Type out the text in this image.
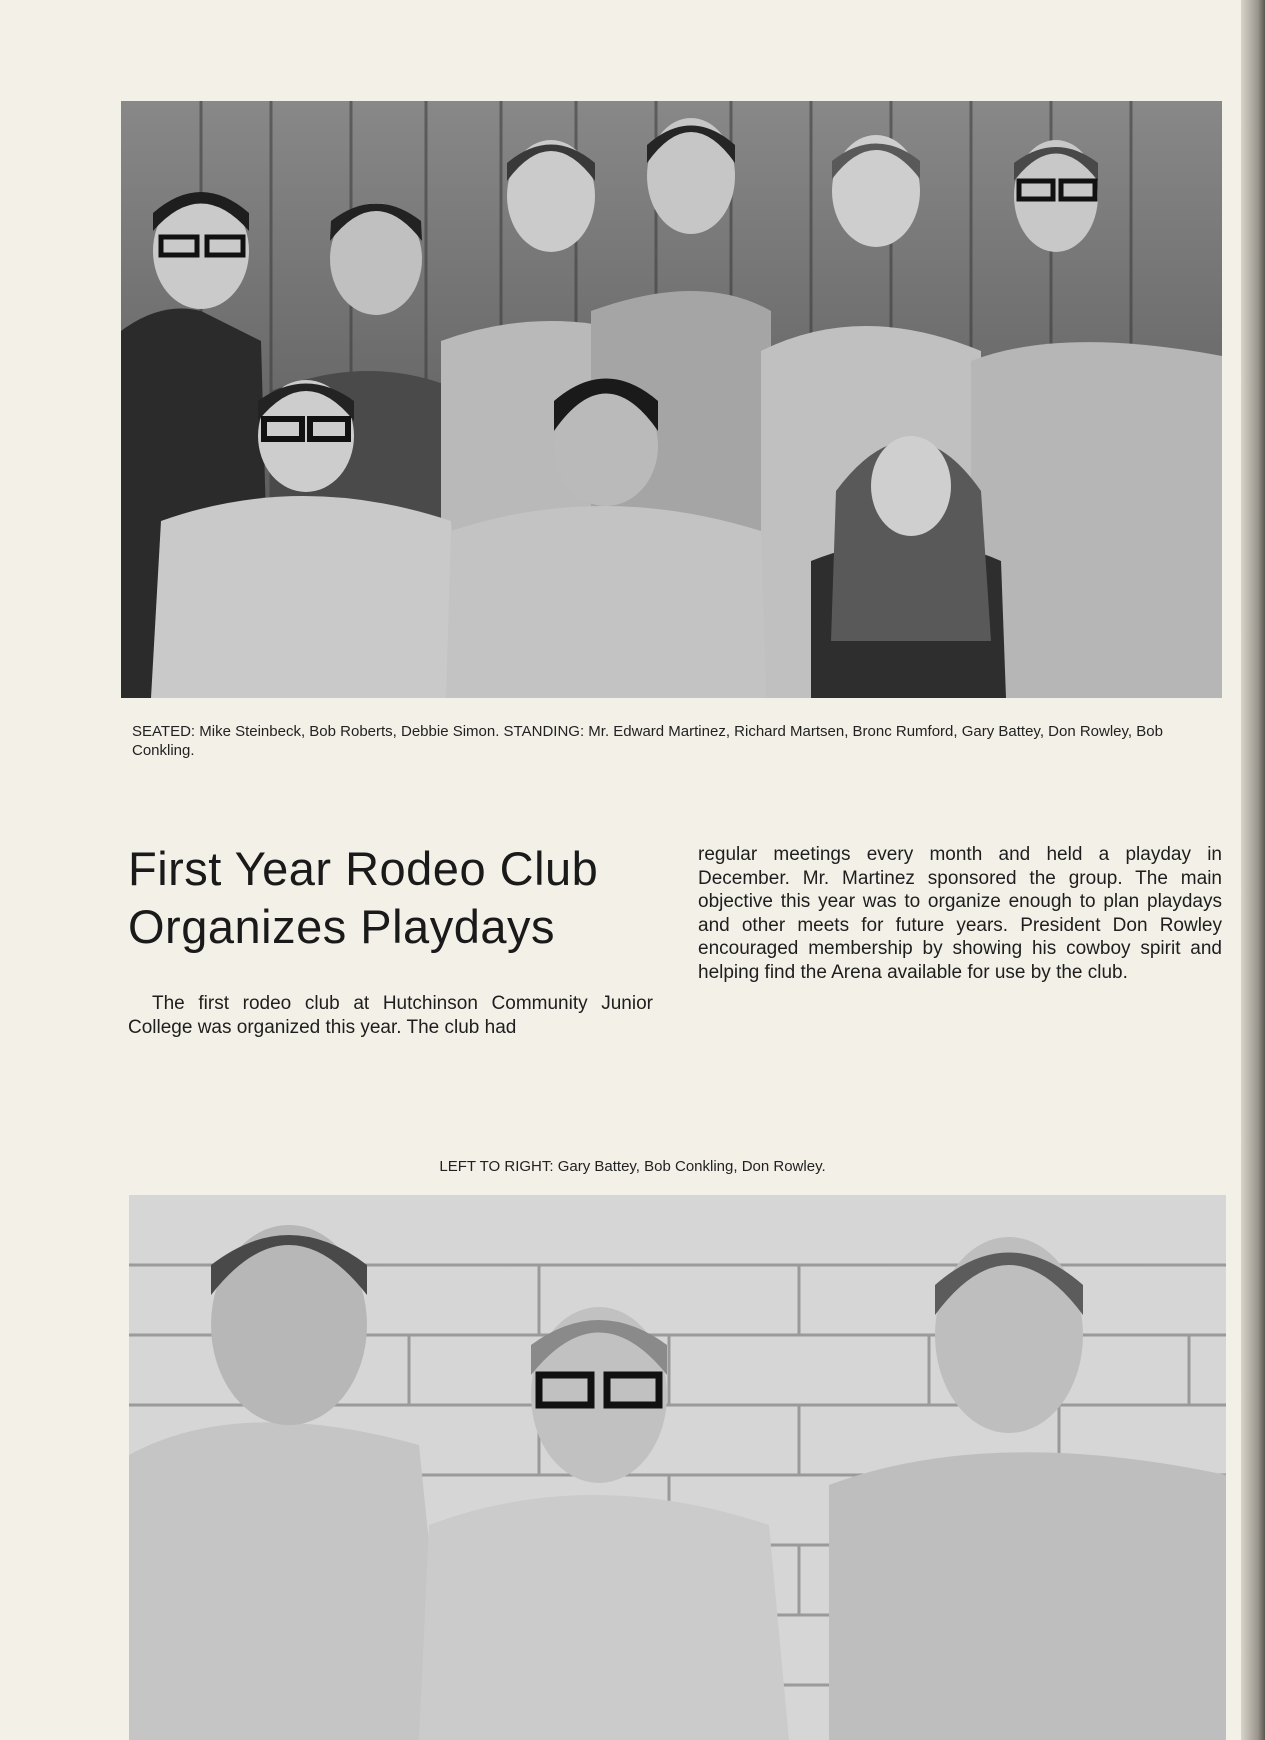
SEATED: Mike Steinbeck, Bob Roberts, Debbie Simon. STANDING: Mr. Edward Martinez, Richard Martsen, Bronc Rumford, Gary Battey, Don Rowley, Bob Conkling.
First Year Rodeo Club Organizes Playdays

The first rodeo club at Hutchinson Community Junior College was organized this year. The club had

regular meetings every month and held a playday in December. Mr. Martinez sponsored the group. The main objective this year was to organize enough to plan playdays and other meets for future years. President Don Rowley encouraged membership by showing his cowboy spirit and helping find the Arena available for use by the club.

LEFT TO RIGHT: Gary Battey, Bob Conkling, Don Rowley.
